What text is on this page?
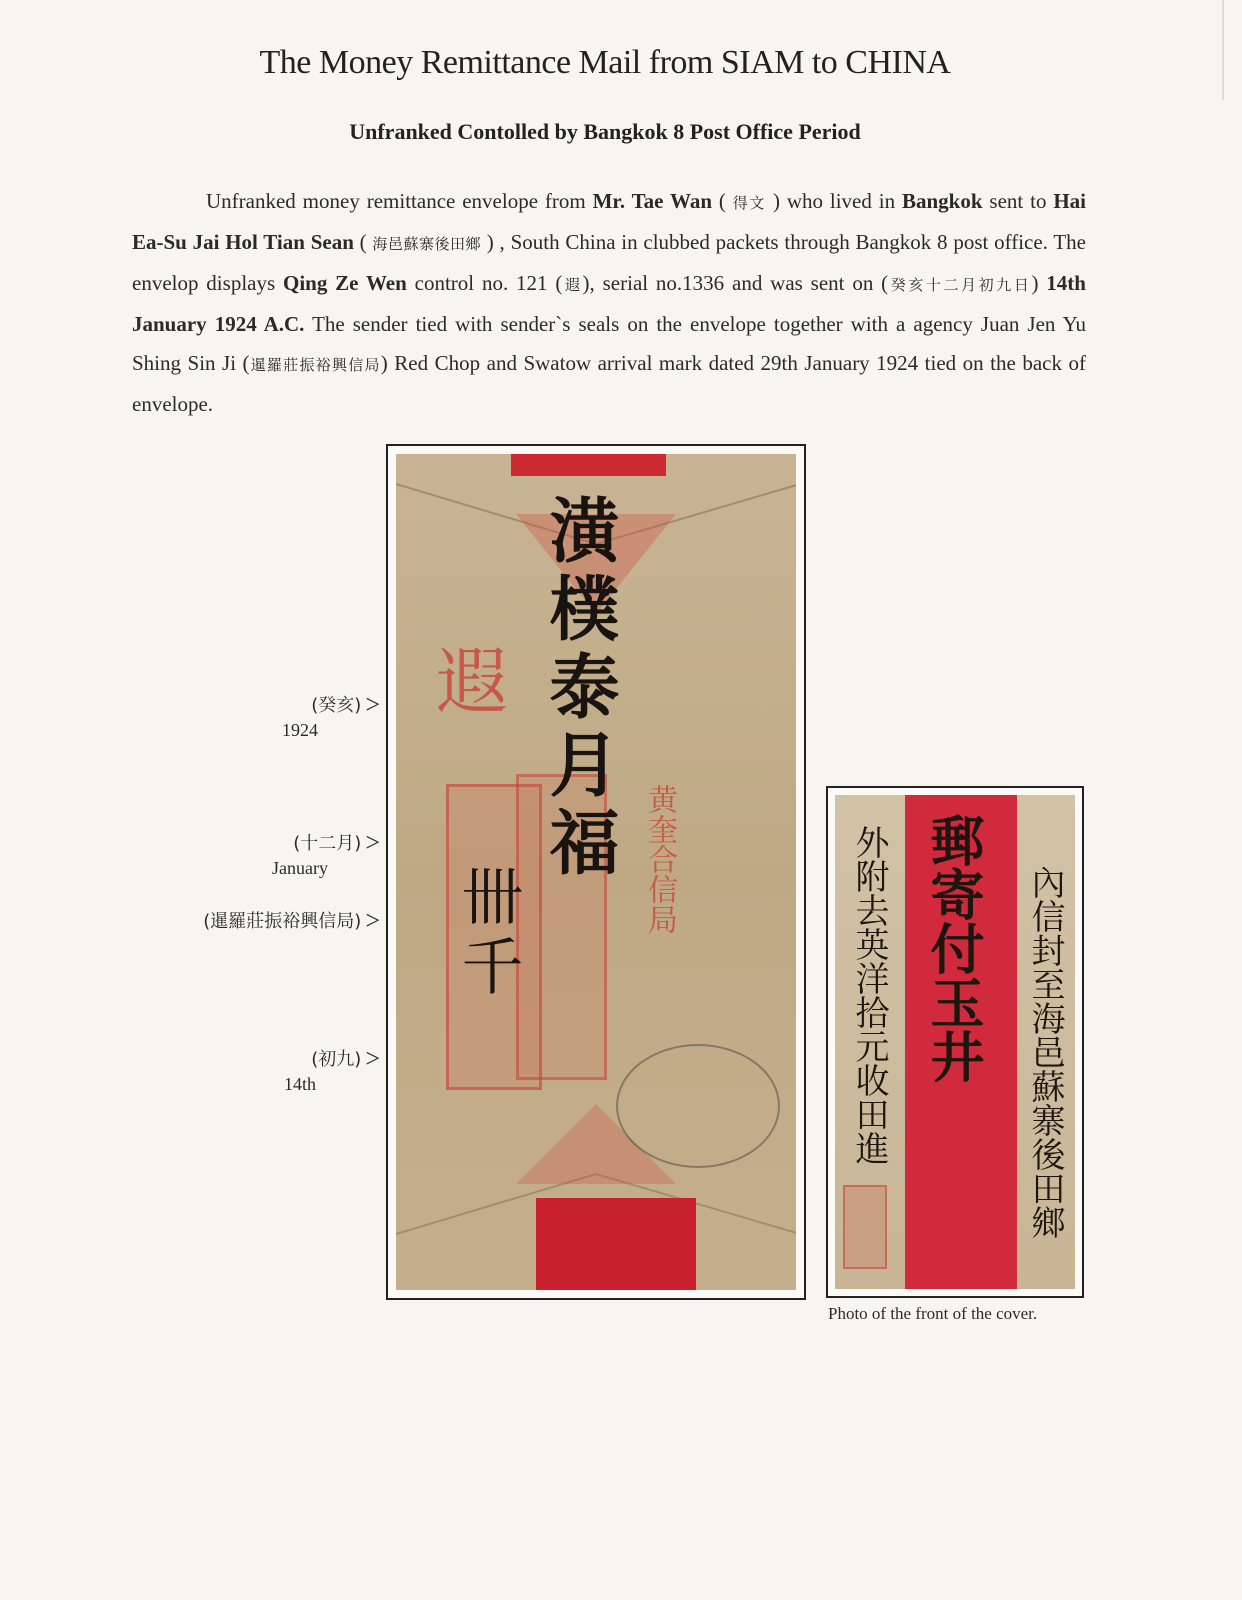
The Money Remittance Mail from SIAM to CHINA
Unfranked Contolled by Bangkok 8 Post Office Period
Unfranked money remittance envelope from Mr. Tae Wan ( 得文 ) who lived in Bangkok sent to Hai Ea-Su Jai Hol Tian Sean ( 海邑蘇寨後田鄉 ) , South China in clubbed packets through Bangkok 8 post office. The envelop displays Qing Ze Wen control no. 121 (遐), serial no.1336 and was sent on (癸亥十二月初九日) 14th January 1924 A.C. The sender tied with sender`s seals on the envelope together with a agency Juan Jen Yu Shing Sin Ji (暹羅莊振裕興信局) Red Chop and Swatow arrival mark dated 29th January 1924 tied on the back of envelope.
(癸亥) >
1924
(十二月) >
January
(暹羅莊振裕興信局) >
(初九) >
14th
遐
黄奎合信局
潢樸泰月福
卌千	外附去英洋拾元收田進 郵寄付玉井 內信封至海邑蘇寨後田鄉
Photo of the front of the cover.
